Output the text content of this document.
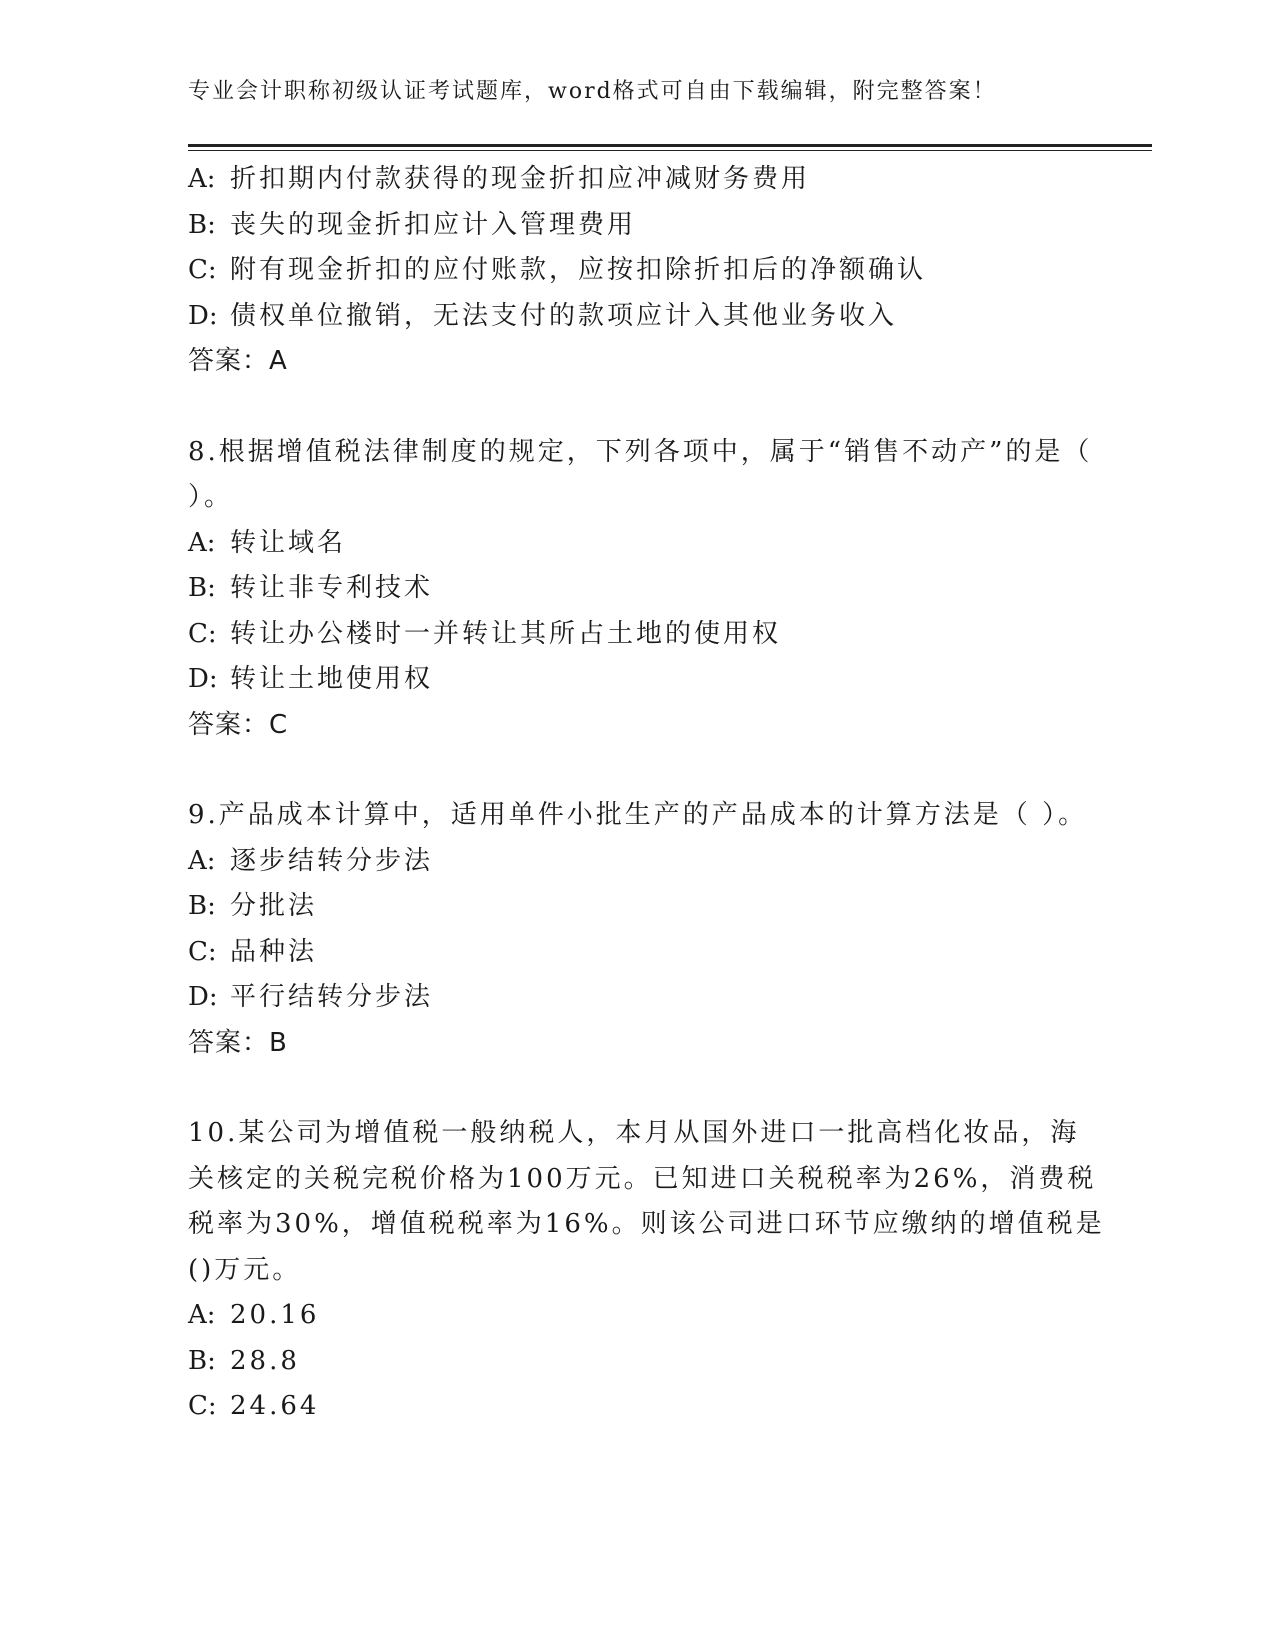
专业会计职称初级认证考试题库，word格式可自由下载编辑，附完整答案！
A: 折扣期内付款获得的现金折扣应冲减财务费用
B: 丧失的现金折扣应计入管理费用
C: 附有现金折扣的应付账款，应按扣除折扣后的净额确认
D: 债权单位撤销，无法支付的款项应计入其他业务收入
答案：A
8.根据增值税法律制度的规定，下列各项中，属于“销售不动产”的是（ ）。
A: 转让域名
B: 转让非专利技术
C: 转让办公楼时一并转让其所占土地的使用权
D: 转让土地使用权
答案：C
9.产品成本计算中，适用单件小批生产的产品成本的计算方法是（ ）。
A: 逐步结转分步法
B: 分批法
C: 品种法
D: 平行结转分步法
答案：B
10.某公司为增值税一般纳税人，本月从国外进口一批高档化妆品，海关核定的关税完税价格为100万元。已知进口关税税率为26%，消费税税率为30%，增值税税率为16%。则该公司进口环节应缴纳的增值税是()万元。
A: 20.16
B: 28.8
C: 24.64
